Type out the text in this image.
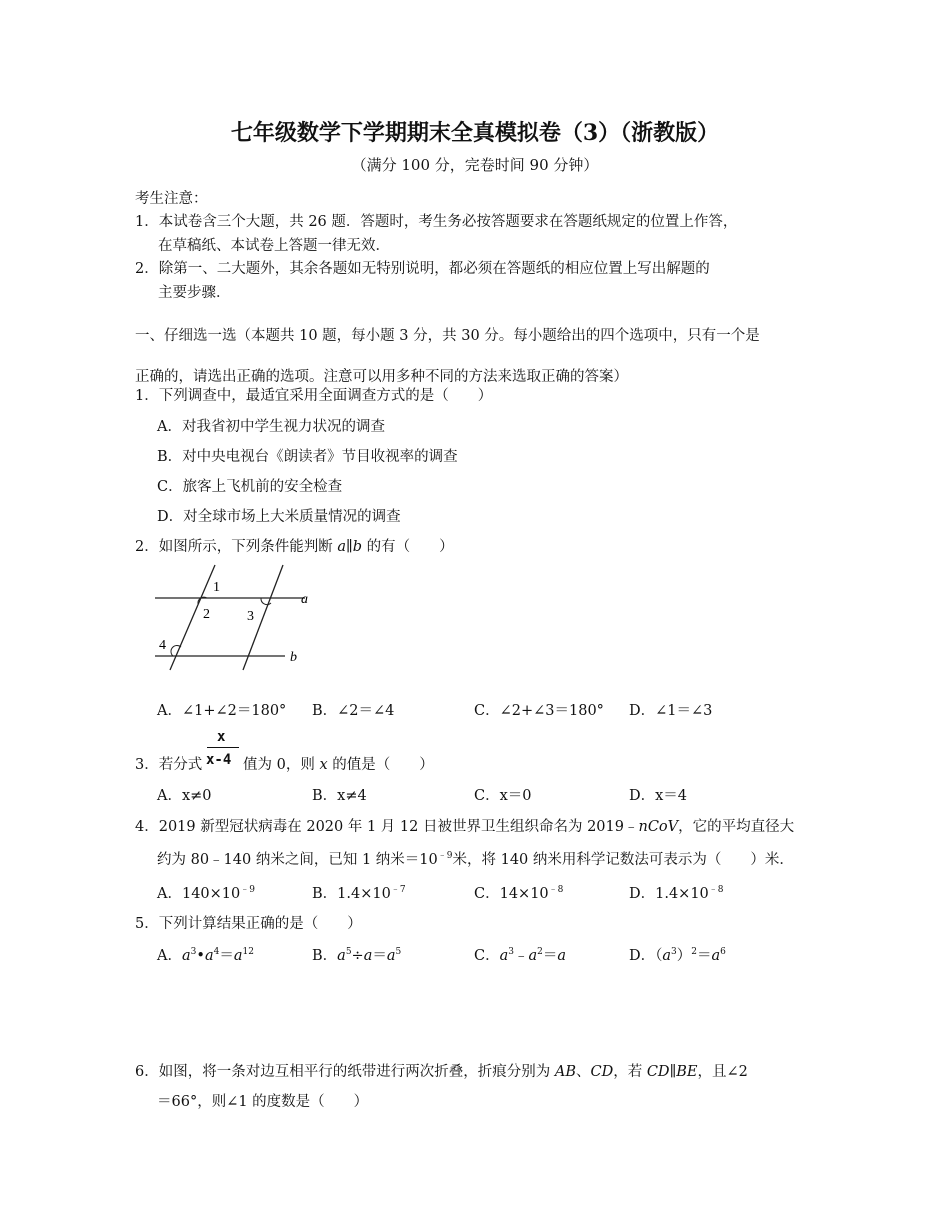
七年级数学下学期期末全真模拟卷（3）（浙教版）
（满分 100 分，完卷时间 90 分钟）
考生注意：
1．本试卷含三个大题，共 26 题．答题时，考生务必按答题要求在答题纸规定的位置上作答，
在草稿纸、本试卷上答题一律无效．
2．除第一、二大题外，其余各题如无特别说明，都必须在答题纸的相应位置上写出解题的
主要步骤．
一、仔细选一选（本题共 10 题，每小题 3 分，共 30 分。每小题给出的四个选项中，只有一个是
正确的，请选出正确的选项。注意可以用多种不同的方法来选取正确的答案）
1．下列调查中，最适宜采用全面调查方式的是（　　）
A．对我省初中学生视力状况的调查
B．对中央电视台《朗读者》节目收视率的调查
C．旅客上飞机前的安全检查
D．对全球市场上大米质量情况的调查
2．如图所示，下列条件能判断 a∥b 的有（　　）
1
2	3
4
a
b
A．∠1+∠2＝180° B．∠2＝∠4	C．∠2+∠3＝180° D．∠1＝∠3
x
x-4
3．若分式	值为 0，则 x 的值是（　　）
A．x≠0	B．x≠4	C．x＝0	D．x＝4
4．2019 新型冠状病毒在 2020 年 1 月 12 日被世界卫生组织命名为 2019﹣nCoV，它的平均直径大
约为 80﹣140 纳米之间，已知 1 纳米$=10^{﹣9}$米，将 140 纳米用科学记数法可表示为（　　）米．
A．$140\times 10^{﹣9}$	B．$1.4\times 10^{﹣7}$	C．$14\times 10^{﹣8}$	D．$1.4\times 10^{﹣8}$
5．下列计算结果正确的是（　　）
A．$a^3•a^4=a^{12}$	B．$a^5\div a=a^5$	C．$a^3﹣a^2=a$	D．$(a^3)^2=a^6$
6．如图，将一条对边互相平行的纸带进行两次折叠，折痕分别为 AB、CD，若 CD∥BE，且∠2
＝66°，则∠1 的度数是（　　）
